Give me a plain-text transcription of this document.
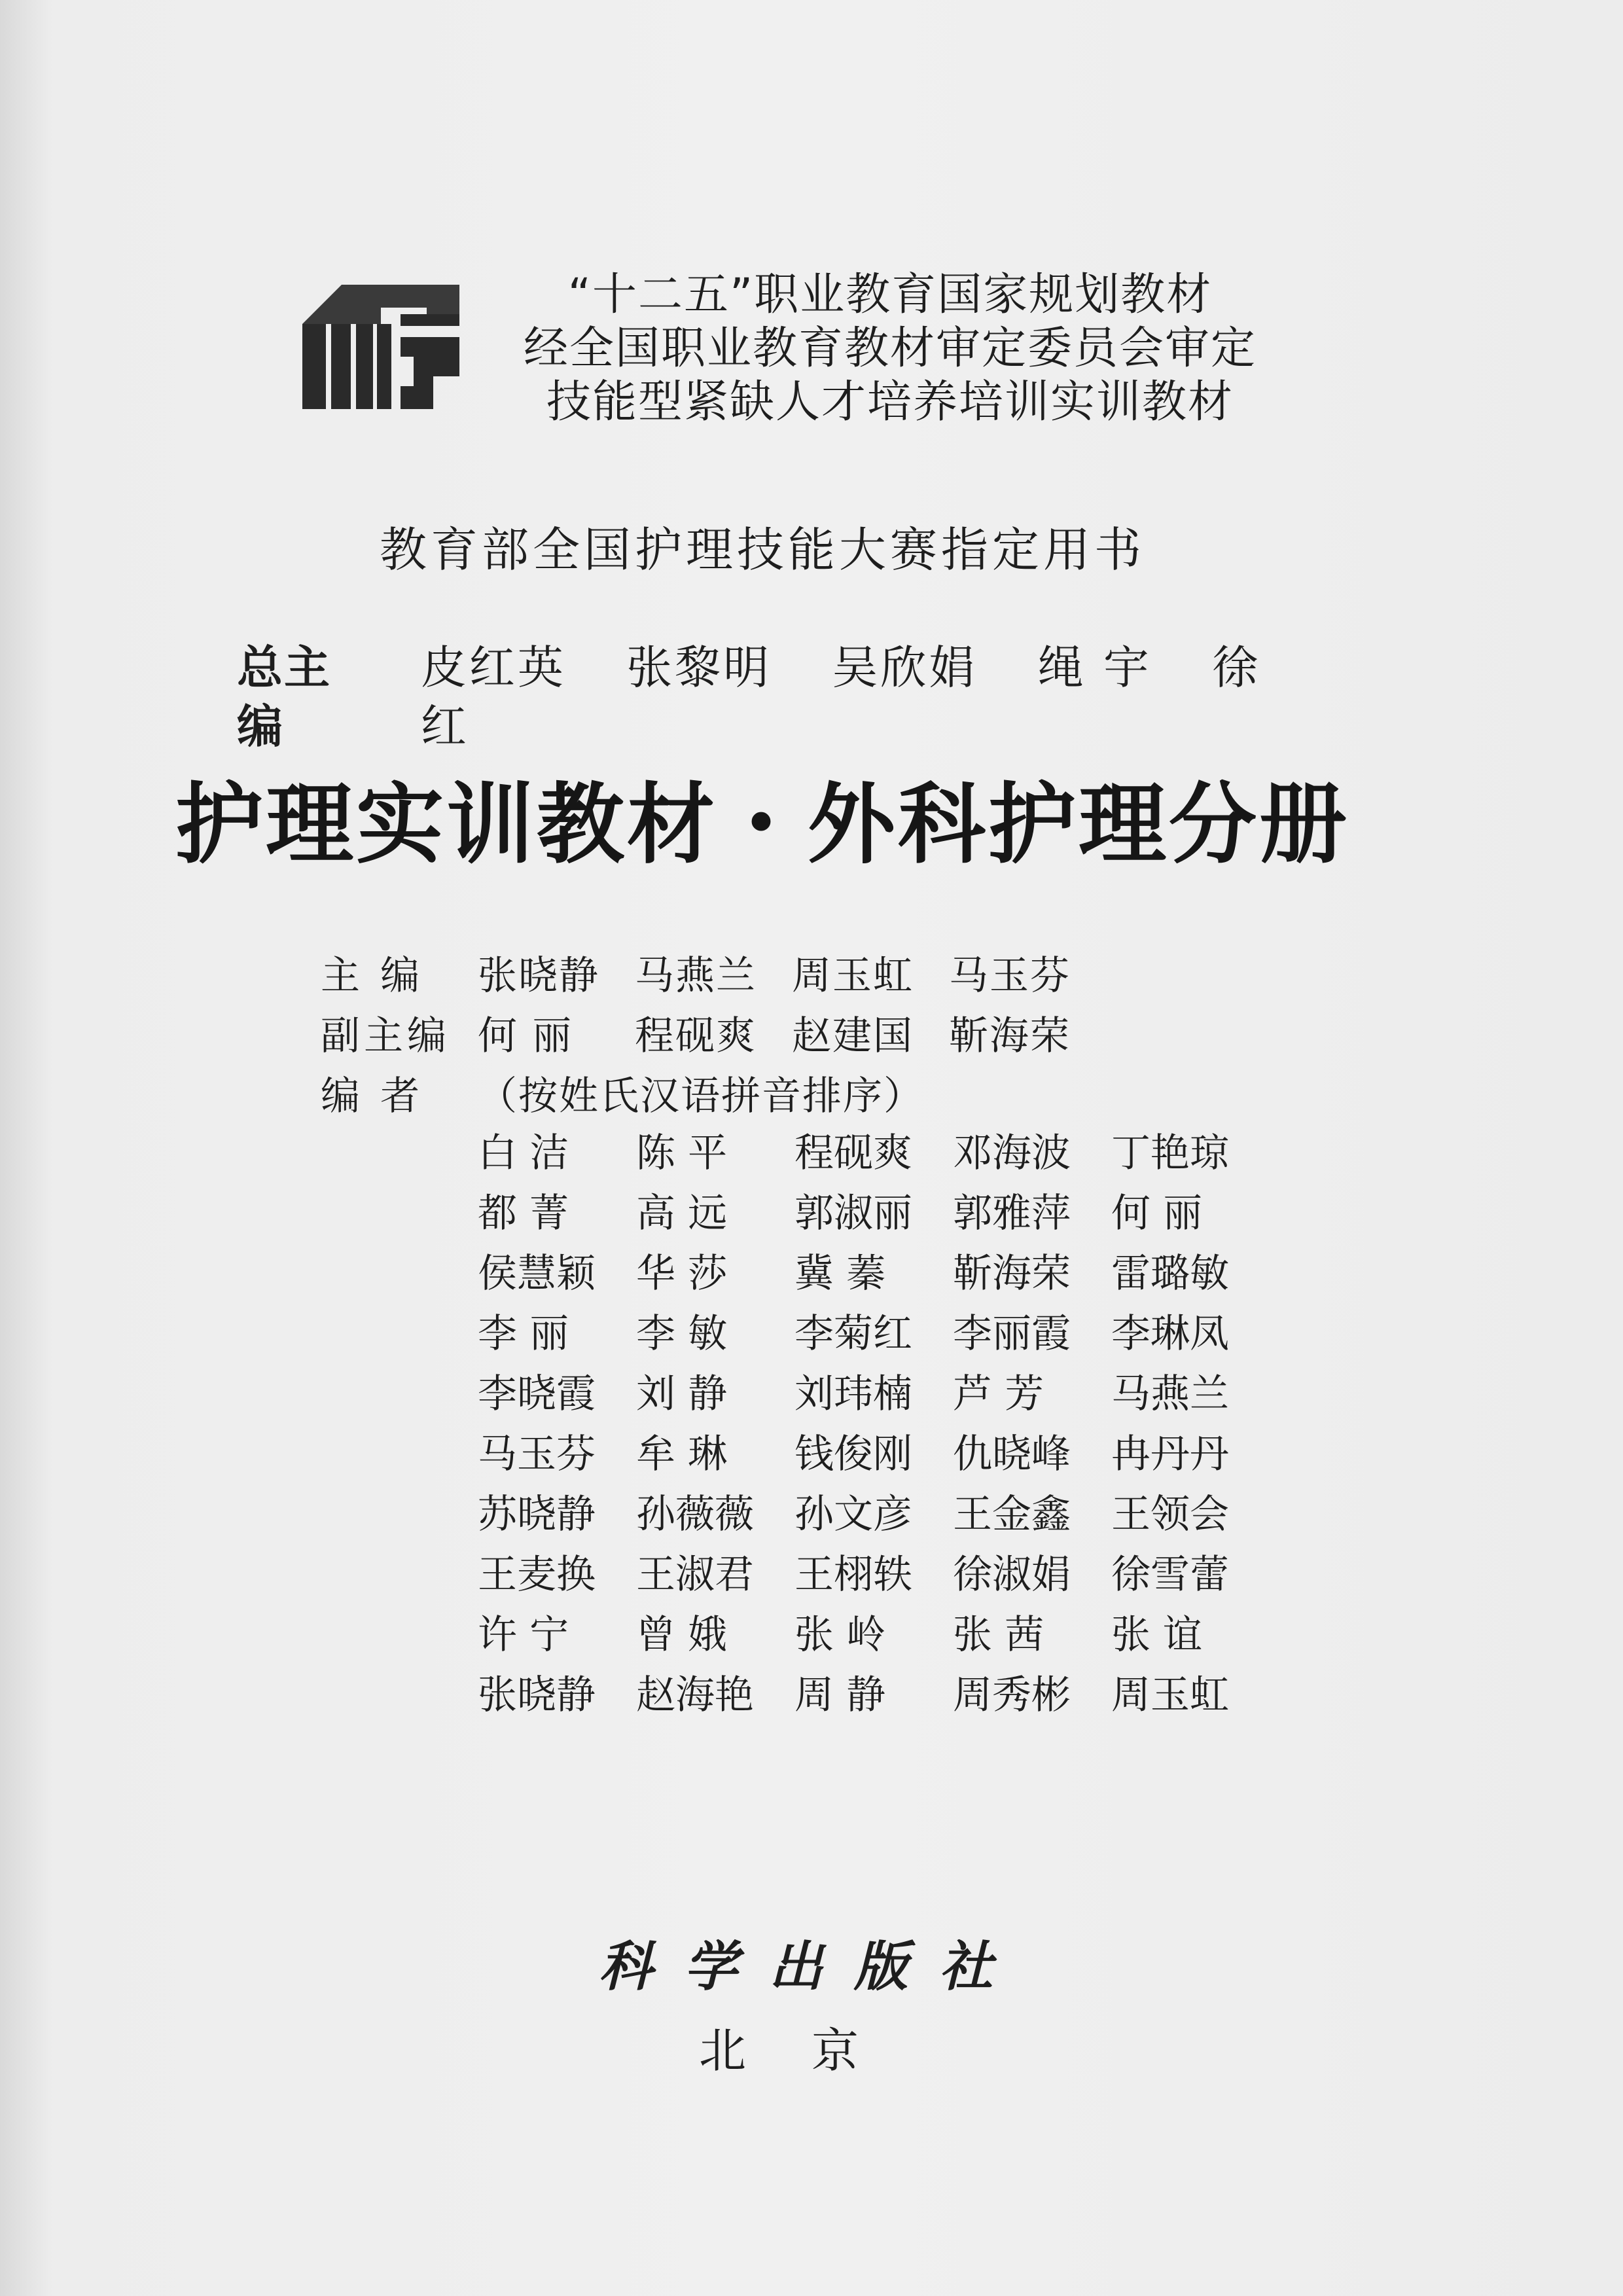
“十二五”职业教育国家规划教材
经全国职业教育教材审定委员会审定
技能型紧缺人才培养培训实训教材
教育部全国护理技能大赛指定用书
总主编
皮红英 张黎明 吴欣娟 绳 宇 徐 红
护理实训教材・外科护理分册
主 编	张晓静 马燕兰 周玉虹 马玉芬
副主编 何 丽 程砚爽 赵建国 靳海荣
编 者	（按姓氏汉语拼音排序）
白 洁	陈 平	程砚爽	邓海波	丁艳琼
都 菁	高 远	郭淑丽	郭雅萍	何 丽
侯慧颖	华 莎	冀 蓁	靳海荣	雷璐敏
李 丽	李 敏	李菊红	李丽霞	李琳凤
李晓霞	刘 静	刘玮楠	芦 芳	马燕兰
马玉芬	牟 琳	钱俊刚	仇晓峰	冉丹丹
苏晓静	孙薇薇	孙文彦	王金鑫	王领会
王麦换	王淑君	王栩轶	徐淑娟	徐雪蕾
许 宁	曾 娥	张 岭	张 茜	张 谊
张晓静	赵海艳	周 静	周秀彬	周玉虹
科学出版社
北京
